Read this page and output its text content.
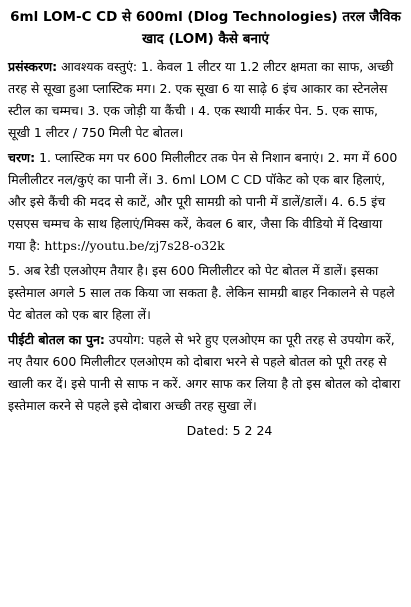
6ml LOM-C CD से 600ml (Dlog Technologies) तरल जैविक खाद (LOM) कैसे बनाएं

प्रसंस्करण: आवश्यक वस्तुएं: 1. केवल 1 लीटर या 1.2 लीटर क्षमता का साफ, अच्छी तरह से सूखा हुआ प्लास्टिक मग। 2. एक सूखा 6 या साढ़े 6 इंच आकार का स्टेनलेस स्टील का चम्मच। 3. एक जोड़ी या कैंची । 4. एक स्थायी मार्कर पेन. 5. एक साफ, सूखी 1 लीटर / 750 मिली पेट बोतल।

चरण: 1. प्लास्टिक मग पर 600 मिलीलीटर तक पेन से निशान बनाएं। 2. मग में 600 मिलीलीटर नल/कुएं का पानी लें। 3. 6ml LOM C CD पॉकेट को एक बार हिलाएं, और इसे कैंची की मदद से काटें, और पूरी सामग्री को पानी में डालें/डालें। 4. 6.5 इंच एसएस चम्मच के साथ हिलाएं/मिक्स करें, केवल 6 बार, जैसा कि वीडियो में दिखाया गया है: https://youtu.be/zj7s28-o32k

5. अब रेडी एलओएम तैयार है। इस 600 मिलीलीटर को पेट बोतल में डालें। इसका इस्तेमाल अगले 5 साल तक किया जा सकता है. लेकिन सामग्री बाहर निकालने से पहले पेट बोतल को एक बार हिला लें।

पीईटी बोतल का पुन: उपयोग: पहले से भरे हुए एलओएम का पूरी तरह से उपयोग करें, नए तैयार 600 मिलीलीटर एलओएम को दोबारा भरने से पहले बोतल को पूरी तरह से खाली कर दें। इसे पानी से साफ न करें. अगर साफ कर लिया है तो इस बोतल को दोबारा इस्तेमाल करने से पहले इसे दोबारा अच्छी तरह सुखा लें।

Dated: 5 2 24
